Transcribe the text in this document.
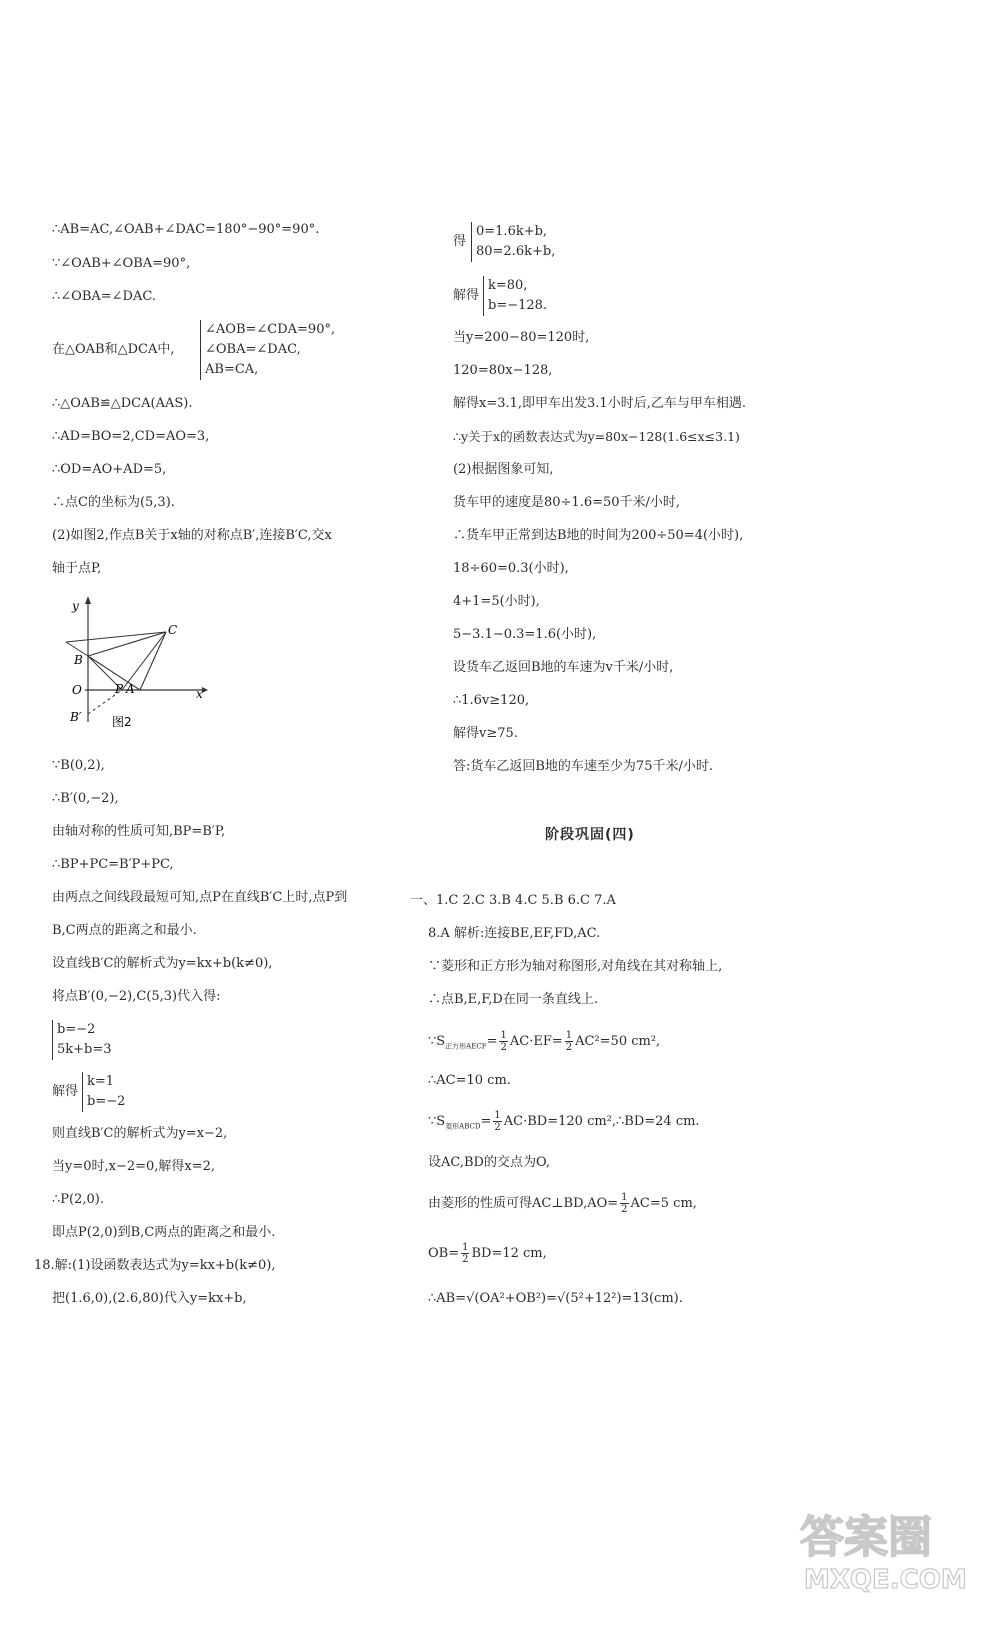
∴AB=AC,∠OAB+∠DAC=180°−90°=90°.
∵∠OAB+∠OBA=90°,
∴∠OBA=∠DAC.
在△OAB和△DCA中,
∠AOB=∠CDA=90°,
∠OBA=∠DAC,
AB=CA,
∴△OAB≌△DCA(AAS).
∴AD=BO=2,CD=AO=3,
∴OD=AO+AD=5,
∴点C的坐标为(5,3).
(2)如图2,作点B关于x轴的对称点B′,连接B′C,交x
轴于点P,
y
x
C
B
O	P A
B′	图2
∵B(0,2),
∴B′(0,−2),
由轴对称的性质可知,BP=B′P,
∴BP+PC=B′P+PC,
由两点之间线段最短可知,点P在直线B′C上时,点P到
B,C两点的距离之和最小.
设直线B′C的解析式为y=kx+b(k≠0),
将点B′(0,−2),C(5,3)代入得:
b=−2
5k+b=3
解得
k=1
b=−2
则直线B′C的解析式为y=x−2,
当y=0时,x−2=0,解得x=2,
∴P(2,0).
即点P(2,0)到B,C两点的距离之和最小.
18.解:(1)设函数表达式为y=kx+b(k≠0),
把(1.6,0),(2.6,80)代入y=kx+b,
得
0=1.6k+b,
80=2.6k+b,
解得
k=80,
b=−128.
当y=200−80=120时,
120=80x−128,
解得x=3.1,即甲车出发3.1小时后,乙车与甲车相遇.
∴y关于x的函数表达式为y=80x−128(1.6≤x≤3.1)
(2)根据图象可知,
货车甲的速度是80÷1.6=50千米/小时,
∴货车甲正常到达B地的时间为200÷50=4(小时),
18÷60=0.3(小时),
4+1=5(小时),
5−3.1−0.3=1.6(小时),
设货车乙返回B地的车速为v千米/小时,
∴1.6v≥120,
解得v≥75.
答:货车乙返回B地的车速至少为75千米/小时.
阶段巩固(四)
一、1.C 2.C 3.B 4.C 5.B 6.C 7.A
8.A 解析:连接BE,EF,FD,AC.
∵菱形和正方形为轴对称图形,对角线在其对称轴上,
∴点B,E,F,D在同一条直线上.
$\because S_{正方形AECF}= \frac{1}{2} AC\cdot EF= \frac{1}{2} AC^2=50$ cm²,
∴AC=10 cm.
$\because S_{菱形ABCD}= \frac{1}{2} AC\cdot BD=120$ cm²,∴BD=24 cm.
设AC,BD的交点为O,
由菱形的性质可得AC⊥BD,AO= $\frac{1}{2} AC=5$ cm,
$OB= \frac{1}{2} BD=12$ cm,
∴AB=√(OA²+OB²)=√(5²+12²)=13(cm).
答案圈
MXQE.COM
